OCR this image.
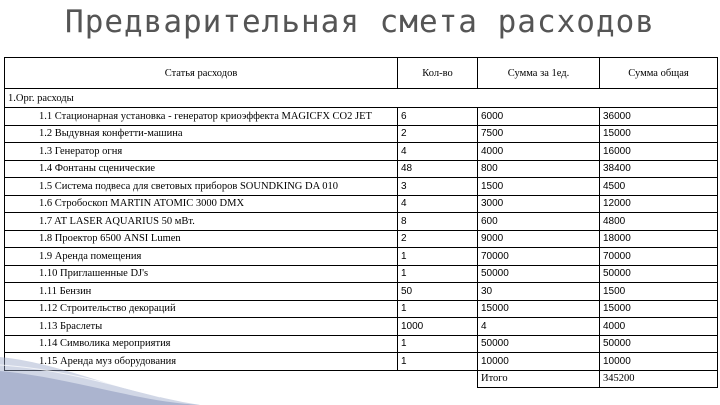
Предварительная смета расходов
Статья расходов	Кол-во	Сумма за 1ед.	Сумма общая
1.Орг. расходы			
1.1 Стационарная установка - генератор криоэффекта MAGICFX CO2 JET	6	6000	36000
1.2 Выдувная конфетти-машина	2	7500	15000
1.3 Генератор огня	4	4000	16000
1.4 Фонтаны сценические	48	800	38400
1.5 Система подвеса для световых приборов SOUNDKING DA 010	3	1500	4500
1.6 Стробоскоп MARTIN ATOMIC 3000 DMX	4	3000	12000
1.7 AT LASER AQUARIUS 50 мВт.	8	600	4800
1.8 Проектор 6500 ANSI Lumen	2	9000	18000
1.9 Аренда помещения	1	70000	70000
1.10 Приглашенные DJ's	1	50000	50000
1.11 Бензин	50	30	1500
1.12 Строительство декораций	1	15000	15000
1.13 Браслеты	1000	4	4000
1.14 Символика мероприятия	1	50000	50000
1.15 Аренда муз оборудования	1	10000	10000
		Итого	345200
